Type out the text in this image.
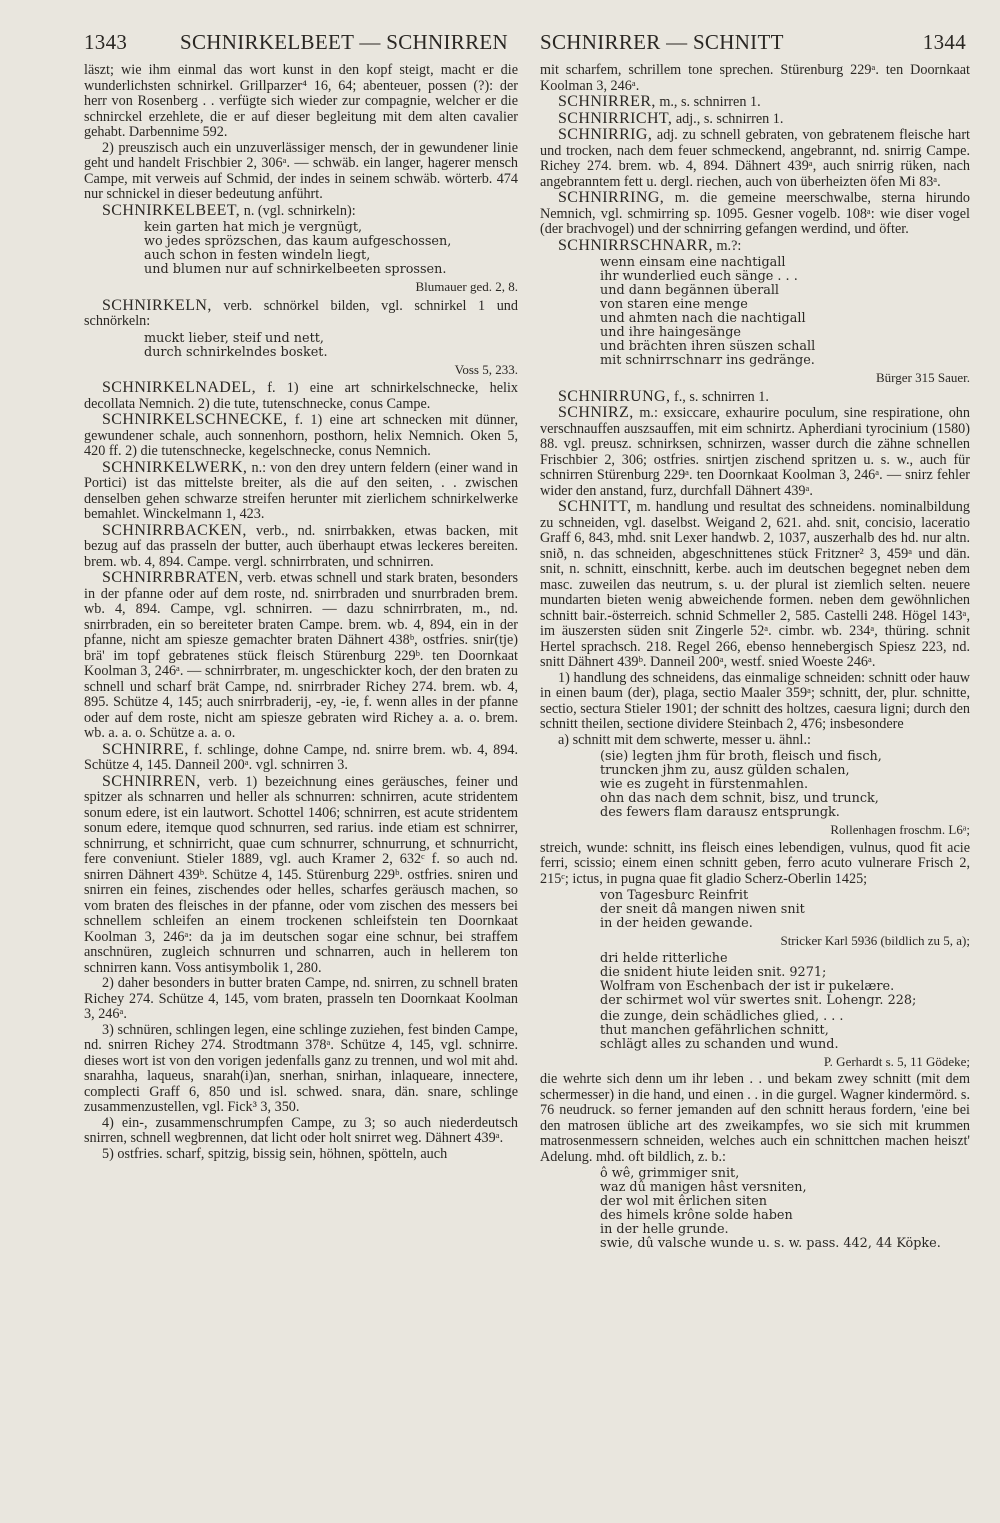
1343	SCHNIRKELBEET — SCHNIRREN SCHNIRRER — SCHNITT	1344

läszt; wie ihm einmal das wort kunst in den kopf steigt, macht er die wunderlichsten schnirkel. Grillparzer⁴ 16, 64; abenteuer, possen (?): der herr von Rosenberg . . verfügte sich wieder zur compagnie, welcher er die schnirckel erzehlete, die er auf dieser begleitung mit dem alten cavalier gehabt. Darbennime 592.

2) preuszisch auch ein unzuverlässiger mensch, der in gewundener linie geht und handelt Frischbier 2, 306ᵃ. — schwäb. ein langer, hagerer mensch Campe, mit verweis auf Schmid, der indes in seinem schwäb. wörterb. 474 nur schnickel in dieser bedeutung anführt.

SCHNIRKELBEET, n. (vgl. schnirkeln):

kein garten hat mich je vergnügt,
wo jedes sprözschen, das kaum aufgeschossen,
auch schon in festen windeln liegt,
und blumen nur auf schnirkelbeeten sprossen.
Blumauer ged. 2, 8.

SCHNIRKELN, verb. schnörkel bilden, vgl. schnirkel 1 und schnörkeln:

muckt lieber, steif und nett,
durch schnirkelndes bosket.
Voss 5, 233.

SCHNIRKELNADEL, f. 1) eine art schnirkelschnecke, helix decollata Nemnich. 2) die tute, tutenschnecke, conus Campe.

SCHNIRKELSCHNECKE, f. 1) eine art schnecken mit dünner, gewundener schale, auch sonnenhorn, posthorn, helix Nemnich. Oken 5, 420 ff. 2) die tutenschnecke, kegelschnecke, conus Nemnich.

SCHNIRKELWERK, n.: von den drey untern feldern (einer wand in Portici) ist das mittelste breiter, als die auf den seiten, . . zwischen denselben gehen schwarze streifen herunter mit zierlichem schnirkelwerke bemahlet. Winckelmann 1, 423.

SCHNIRRBACKEN, verb., nd. snirrbakken, etwas backen, mit bezug auf das prasseln der butter, auch überhaupt etwas leckeres bereiten. brem. wb. 4, 894. Campe. vergl. schnirrbraten, und schnirren.

SCHNIRRBRATEN, verb. etwas schnell und stark braten, besonders in der pfanne oder auf dem roste, nd. snirrbraden und snurrbraden brem. wb. 4, 894. Campe, vgl. schnirren. — dazu schnirrbraten, m., nd. snirrbraden, ein so bereiteter braten Campe. brem. wb. 4, 894, ein in der pfanne, nicht am spiesze gemachter braten Dähnert 438ᵇ, ostfries. snir(tje) brä' im topf gebratenes stück fleisch Stürenburg 229ᵇ. ten Doornkaat Koolman 3, 246ᵃ. — schnirrbrater, m. ungeschickter koch, der den braten zu schnell und scharf brät Campe, nd. snirrbrader Richey 274. brem. wb. 4, 895. Schütze 4, 145; auch snirrbraderij, -ey, -ie, f. wenn alles in der pfanne oder auf dem roste, nicht am spiesze gebraten wird Richey a. a. o. brem. wb. a. a. o. Schütze a. a. o.

SCHNIRRE, f. schlinge, dohne Campe, nd. snirre brem. wb. 4, 894. Schütze 4, 145. Danneil 200ᵃ. vgl. schnirren 3.

SCHNIRREN, verb. 1) bezeichnung eines geräusches, feiner und spitzer als schnarren und heller als schnurren: schnirren, acute stridentem sonum edere, ist ein lautwort. Schottel 1406; schnirren, est acute stridentem sonum edere, itemque quod schnurren, sed rarius. inde etiam est schnirrer, schnirrung, et schnirricht, quae cum schnurrer, schnurrung, et schnurricht, fere conveniunt. Stieler 1889, vgl. auch Kramer 2, 632ᶜ f. so auch nd. snirren Dähnert 439ᵇ. Schütze 4, 145. Stürenburg 229ᵇ. ostfries. sniren und snirren ein feines, zischendes oder helles, scharfes geräusch machen, so vom braten des fleisches in der pfanne, oder vom zischen des messers bei schnellem schleifen an einem trockenen schleifstein ten Doornkaat Koolman 3, 246ᵃ: da ja im deutschen sogar eine schnur, bei straffem anschnüren, zugleich schnurren und schnarren, auch in hellerem ton schnirren kann. Voss antisymbolik 1, 280.

2) daher besonders in butter braten Campe, nd. snirren, zu schnell braten Richey 274. Schütze 4, 145, vom braten, prasseln ten Doornkaat Koolman 3, 246ᵃ.

3) schnüren, schlingen legen, eine schlinge zuziehen, fest binden Campe, nd. snirren Richey 274. Strodtmann 378ᵃ. Schütze 4, 145, vgl. schnirre. dieses wort ist von den vorigen jedenfalls ganz zu trennen, und wol mit ahd. snarahha, laqueus, snarah(i)an, snerhan, snirhan, inlaqueare, innectere, complecti Graff 6, 850 und isl. schwed. snara, dän. snare, schlinge zusammenzustellen, vgl. Fick³ 3, 350.

4) ein-, zusammenschrumpfen Campe, zu 3; so auch niederdeutsch snirren, schnell wegbrennen, dat licht oder holt snirret weg. Dähnert 439ᵃ.

5) ostfries. scharf, spitzig, bissig sein, höhnen, spötteln, auch

mit scharfem, schrillem tone sprechen. Stürenburg 229ᵃ. ten Doornkaat Koolman 3, 246ᵃ.

SCHNIRRER, m., s. schnirren 1.

SCHNIRRICHT, adj., s. schnirren 1.

SCHNIRRIG, adj. zu schnell gebraten, von gebratenem fleische hart und trocken, nach dem feuer schmeckend, angebrannt, nd. snirrig Campe. Richey 274. brem. wb. 4, 894. Dähnert 439ᵃ, auch snirrig rüken, nach angebranntem fett u. dergl. riechen, auch von überheizten öfen Mi 83ᵃ.

SCHNIRRING, m. die gemeine meerschwalbe, sterna hirundo Nemnich, vgl. schmirring sp. 1095. Gesner vogelb. 108ᵃ: wie diser vogel (der brachvogel) und der schnirring gefangen werdind, und öfter.

SCHNIRRSCHNARR, m.?:

wenn einsam eine nachtigall
ihr wunderlied euch sänge . . .
und dann begännen überall
von staren eine menge
und ahmten nach die nachtigall
und ihre haingesänge
und brächten ihren süszen schall
mit schnirrschnarr ins gedränge.
Bürger 315 Sauer.

SCHNIRRUNG, f., s. schnirren 1.

SCHNIRZ, m.: exsiccare, exhaurire poculum, sine respiratione, ohn verschnauffen auszsauffen, mit eim schnirtz. Apherdiani tyrocinium (1580) 88. vgl. preusz. schnirksen, schnirzen, wasser durch die zähne schnellen Frischbier 2, 306; ostfries. snirtjen zischend spritzen u. s. w., auch für schnirren Stürenburg 229ᵃ. ten Doornkaat Koolman 3, 246ᵃ. — snirz fehler wider den anstand, furz, durchfall Dähnert 439ᵃ.

SCHNITT, m. handlung und resultat des schneidens. nominalbildung zu schneiden, vgl. daselbst. Weigand 2, 621. ahd. snit, concisio, laceratio Graff 6, 843, mhd. snit Lexer handwb. 2, 1037, auszerhalb des hd. nur altn. snið, n. das schneiden, abgeschnittenes stück Fritzner² 3, 459ᵃ und dän. snit, n. schnitt, einschnitt, kerbe. auch im deutschen begegnet neben dem masc. zuweilen das neutrum, s. u. der plural ist ziemlich selten. neuere mundarten bieten wenig abweichende formen. neben dem gewöhnlichen schnitt bair.-österreich. schnid Schmeller 2, 585. Castelli 248. Högel 143ᵃ, im äuszersten süden snit Zingerle 52ᵃ. cimbr. wb. 234ᵃ, thüring. schnit Hertel sprachsch. 218. Regel 266, ebenso hennebergisch Spiesz 223, nd. snitt Dähnert 439ᵇ. Danneil 200ᵃ, westf. snied Woeste 246ᵃ.

1) handlung des schneidens, das einmalige schneiden: schnitt oder hauw in einen baum (der), plaga, sectio Maaler 359ᵃ; schnitt, der, plur. schnitte, sectio, sectura Stieler 1901; der schnitt des holtzes, caesura ligni; durch den schnitt theilen, sectione dividere Steinbach 2, 476; insbesondere

a) schnitt mit dem schwerte, messer u. ähnl.:

(sie) legten jhm für broth, fleisch und fisch,
truncken jhm zu, ausz gülden schalen,
wie es zugeht in fürstenmahlen.
ohn das nach dem schnit, bisz, und trunck,
des fewers flam darausz entsprungk.
Rollenhagen froschm. L6ᵃ;

streich, wunde: schnitt, ins fleisch eines lebendigen, vulnus, quod fit acie ferri, scissio; einem einen schnitt geben, ferro acuto vulnerare Frisch 2, 215ᶜ; ictus, in pugna quae fit gladio Scherz-Oberlin 1425;

von Tagesburc Reinfrit
der sneit dâ mangen niwen snit
in der heiden gewande.
Stricker Karl 5936 (bildlich zu 5, a);
dri helde ritterliche
die snident hiute leiden snit. 9271;
Wolfram von Eschenbach der ist ir pukelære.
der schirmet wol vür swertes snit. Lohengr. 228;
die zunge, dein schädliches glied, . . .
thut manchen gefährlichen schnitt,
schlägt alles zu schanden und wund.
P. Gerhardt s. 5, 11 Gödeke;

die wehrte sich denn um ihr leben . . und bekam zwey schnitt (mit dem schermesser) in die hand, und einen . . in die gurgel. Wagner kindermörd. s. 76 neudruck. so ferner jemanden auf den schnitt heraus fordern, 'eine bei den matrosen übliche art des zweikampfes, wo sie sich mit krummen matrosenmessern schneiden, welches auch ein schnittchen machen heiszt' Adelung. mhd. oft bildlich, z. b.:

ô wê, grimmiger snit,
waz dû manigen hâst versniten,
der wol mit êrlichen siten
des himels krône solde haben
in der helle grunde.
swie, dû valsche wunde u. s. w. pass. 442, 44 Köpke.
